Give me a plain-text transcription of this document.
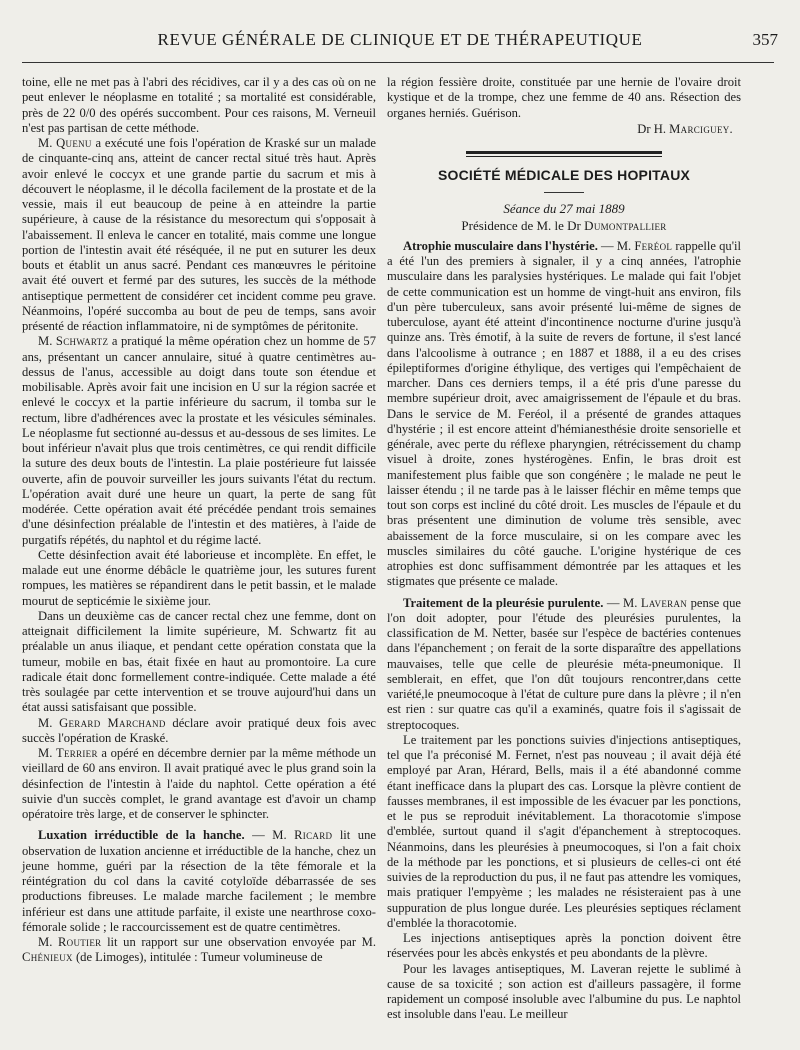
REVUE GÉNÉRALE DE CLINIQUE ET DE THÉRAPEUTIQUE	357

toine, elle ne met pas à l'abri des récidives, car il y a des cas où on ne peut enlever le néoplasme en totalité ; sa mortalité est considérable, près de 22 0/0 des opérés succombent. Pour ces raisons, M. Verneuil n'est pas partisan de cette méthode.

M. Quenu a exécuté une fois l'opération de Kraské sur un malade de cinquante-cinq ans, atteint de cancer rectal situé très haut. Après avoir enlevé le coccyx et une grande partie du sacrum et mis à découvert le néoplasme, il le décolla facilement de la prostate et de la vessie, mais il eut beaucoup de peine à en atteindre la partie supérieure, à cause de la résistance du mesorectum qui s'opposait à l'abaissement. Il enleva le cancer en totalité, mais comme une longue portion de l'intestin avait été réséquée, il ne put en suturer les deux bouts et établit un anus sacré. Pendant ces manœuvres le péritoine avait été ouvert et fermé par des sutures, les succès de la méthode antiseptique permettent de considérer cet incident comme peu grave. Néanmoins, l'opéré succomba au bout de peu de temps, sans avoir présenté de réaction inflammatoire, ni de symptômes de péritonite.

M. Schwartz a pratiqué la même opération chez un homme de 57 ans, présentant un cancer annulaire, situé à quatre centimètres au-dessus de l'anus, accessible au doigt dans toute son étendue et mobilisable. Après avoir fait une incision en U sur la région sacrée et enlevé le coccyx et la partie inférieure du sacrum, il tomba sur le rectum, libre d'adhérences avec la prostate et les vésicules séminales. Le néoplasme fut sectionné au-dessus et au-dessous de ses limites. Le bout inférieur n'avait plus que trois centimètres, ce qui rendit difficile la suture des deux bouts de l'intestin. La plaie postérieure fut laissée ouverte, afin de pouvoir surveiller les jours suivants l'état du rectum. L'opération avait duré une heure un quart, la perte de sang fût modérée. Cette opération avait été précédée pendant trois semaines d'une désinfection préalable de l'intestin et des matières, à l'aide de purgatifs répétés, du naphtol et du régime lacté.

Cette désinfection avait été laborieuse et incomplète. En effet, le malade eut une énorme débâcle le quatrième jour, les sutures furent rompues, les matières se répandirent dans le petit bassin, et le malade mourut de septicémie le sixième jour.

Dans un deuxième cas de cancer rectal chez une femme, dont on atteignait difficilement la limite supérieure, M. Schwartz fit au préalable un anus iliaque, et pendant cette opération constata que la tumeur, mobile en bas, était fixée en haut au promontoire. La cure radicale était donc formellement contre-indiquée. Cette malade a été très soulagée par cette intervention et se trouve aujourd'hui dans un état aussi satisfaisant que possible.

M. Gerard Marchand déclare avoir pratiqué deux fois avec succès l'opération de Kraské.

M. Terrier a opéré en décembre dernier par la même méthode un vieillard de 60 ans environ. Il avait pratiqué avec le plus grand soin la désinfection de l'intestin à l'aide du naphtol. Cette opération a été suivie d'un succès complet, le grand avantage est d'avoir un champ opératoire très large, et de conserver le sphincter.

Luxation irréductible de la hanche. — M. Ricard lit une observation de luxation ancienne et irréductible de la hanche, chez un jeune homme, guéri par la résection de la tête fémorale et la réintégration du col dans la cavité cotyloïde débarrassée de ses productions fibreuses. Le malade marche facilement ; le membre inférieur est dans une attitude parfaite, il existe une nearthrose coxo-fémorale solide ; le raccourcissement est de quatre centimètres.

M. Routier lit un rapport sur une observation envoyée par M. Chénieux (de Limoges), intitulée : Tumeur volumineuse de

la région fessière droite, constituée par une hernie de l'ovaire droit kystique et de la trompe, chez une femme de 40 ans. Résection des organes herniés. Guérison.

Dr H. Marciguey.
SOCIÉTÉ MÉDICALE DES HOPITAUX
Séance du 27 mai 1889
Présidence de M. le Dr Dumontpallier

Atrophie musculaire dans l'hystérie. — M. Feréol rappelle qu'il a été l'un des premiers à signaler, il y a cinq années, l'atrophie musculaire dans les paralysies hystériques. Le malade qui fait l'objet de cette communication est un homme de vingt-huit ans environ, fils d'un père tuberculeux, sans avoir présenté lui-même de signes de tuberculose, ayant été atteint d'incontinence nocturne d'urine jusqu'à quinze ans. Très émotif, à la suite de revers de fortune, il s'est lancé dans l'alcoolisme à outrance ; en 1887 et 1888, il a eu des crises épileptiformes d'origine éthylique, des vertiges qui l'empêchaient de marcher. Dans ces derniers temps, il a été pris d'une paresse du membre supérieur droit, avec amaigrissement de l'épaule et du bras. Dans le service de M. Feréol, il a présenté de grandes attaques d'hystérie ; il est encore atteint d'hémianesthésie droite sensorielle et générale, avec perte du réflexe pharyngien, rétrécissement du champ visuel à droite, zones hystérogènes. Enfin, le bras droit est manifestement plus faible que son congénère ; le malade ne peut le laisser étendu ; il ne tarde pas à le laisser fléchir en même temps que tout son corps est incliné du côté droit. Les muscles de l'épaule et du bras présentent une diminution de volume très sensible, avec abaissement de la force musculaire, si on les compare avec les muscles similaires du côté gauche. L'origine hystérique de ces atrophies est donc suffisamment démontrée par les attaques et les stigmates que présente ce malade.

Traitement de la pleurésie purulente. — M. Laveran pense que l'on doit adopter, pour l'étude des pleurésies purulentes, la classification de M. Netter, basée sur l'espèce de bactéries contenues dans l'épanchement ; on ferait de la sorte disparaître des appellations mauvaises, telle que celle de pleurésie méta-pneumonique. Il semblerait, en effet, que l'on dût toujours rencontrer,dans cette variété,le pneumocoque à l'état de culture pure dans la plèvre ; il n'en est rien : sur quatre cas qu'il a examinés, quatre fois il s'agissait de streptocoques.

Le traitement par les ponctions suivies d'injections antiseptiques, tel que l'a préconisé M. Fernet, n'est pas nouveau ; il avait déjà été employé par Aran, Hérard, Bells, mais il a été abandonné comme étant inefficace dans la plupart des cas. Lorsque la plèvre contient de fausses membranes, il est impossible de les évacuer par les ponctions, et le pus se reproduit inévitablement. La thoracotomie s'impose d'emblée, surtout quand il s'agit d'épanchement à streptocoques. Néanmoins, dans les pleurésies à pneumocoques, si l'on a fait choix de la méthode par les ponctions, et si plusieurs de celles-ci ont été suivies de la reproduction du pus, il ne faut pas attendre les vomiques, mais pratiquer l'empyème ; les malades ne résisteraient pas à une suppuration de plus longue durée. Les pleurésies septiques réclament d'emblée la thoracotomie.

Les injections antiseptiques après la ponction doivent être réservées pour les abcès enkystés et peu abondants de la plèvre.

Pour les lavages antiseptiques, M. Laveran rejette le sublimé à cause de sa toxicité ; son action est d'ailleurs passagère, il forme rapidement un composé insoluble avec l'albumine du pus. Le naphtol est insoluble dans l'eau. Le meilleur
